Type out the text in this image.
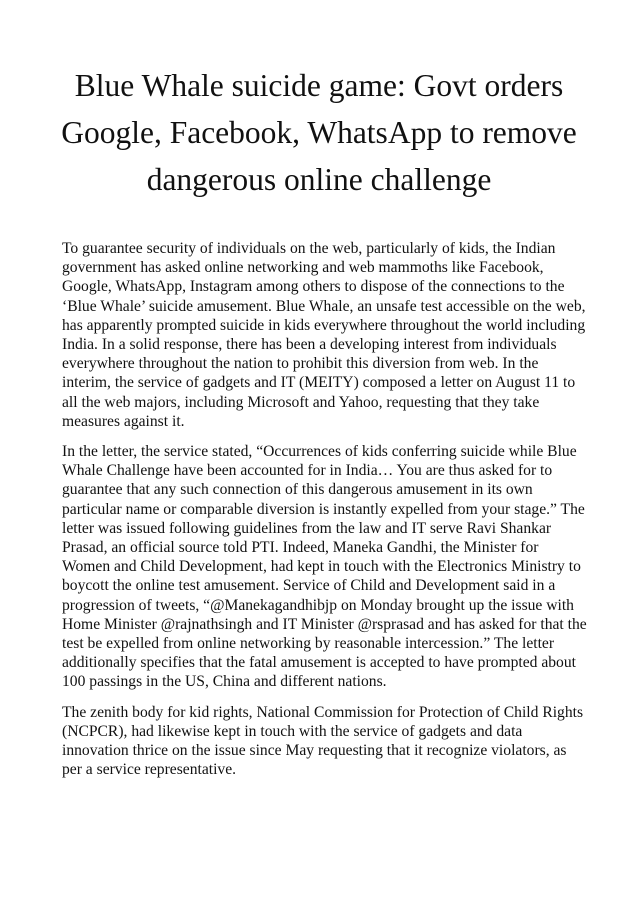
Blue Whale suicide game: Govt orders Google, Facebook, WhatsApp to remove dangerous online challenge

To guarantee security of individuals on the web, particularly of kids, the Indian government has asked online networking and web mammoths like Facebook, Google, WhatsApp, Instagram among others to dispose of the connections to the ‘Blue Whale’ suicide amusement. Blue Whale, an unsafe test accessible on the web, has apparently prompted suicide in kids everywhere throughout the world including India. In a solid response, there has been a developing interest from individuals everywhere throughout the nation to prohibit this diversion from web. In the interim, the service of gadgets and IT (MEITY) composed a letter on August 11 to all the web majors, including Microsoft and Yahoo, requesting that they take measures against it.

In the letter, the service stated, “Occurrences of kids conferring suicide while Blue Whale Challenge have been accounted for in India… You are thus asked for to guarantee that any such connection of this dangerous amusement in its own particular name or comparable diversion is instantly expelled from your stage.” The letter was issued following guidelines from the law and IT serve Ravi Shankar Prasad, an official source told PTI. Indeed, Maneka Gandhi, the Minister for Women and Child Development, had kept in touch with the Electronics Ministry to boycott the online test amusement. Service of Child and Development said in a progression of tweets, “@Manekagandhibjp on Monday brought up the issue with Home Minister @rajnathsingh and IT Minister @rsprasad and has asked for that the test be expelled from online networking by reasonable intercession.” The letter additionally specifies that the fatal amusement is accepted to have prompted about 100 passings in the US, China and different nations.

The zenith body for kid rights, National Commission for Protection of Child Rights (NCPCR), had likewise kept in touch with the service of gadgets and data innovation thrice on the issue since May requesting that it recognize violators, as per a service representative.
